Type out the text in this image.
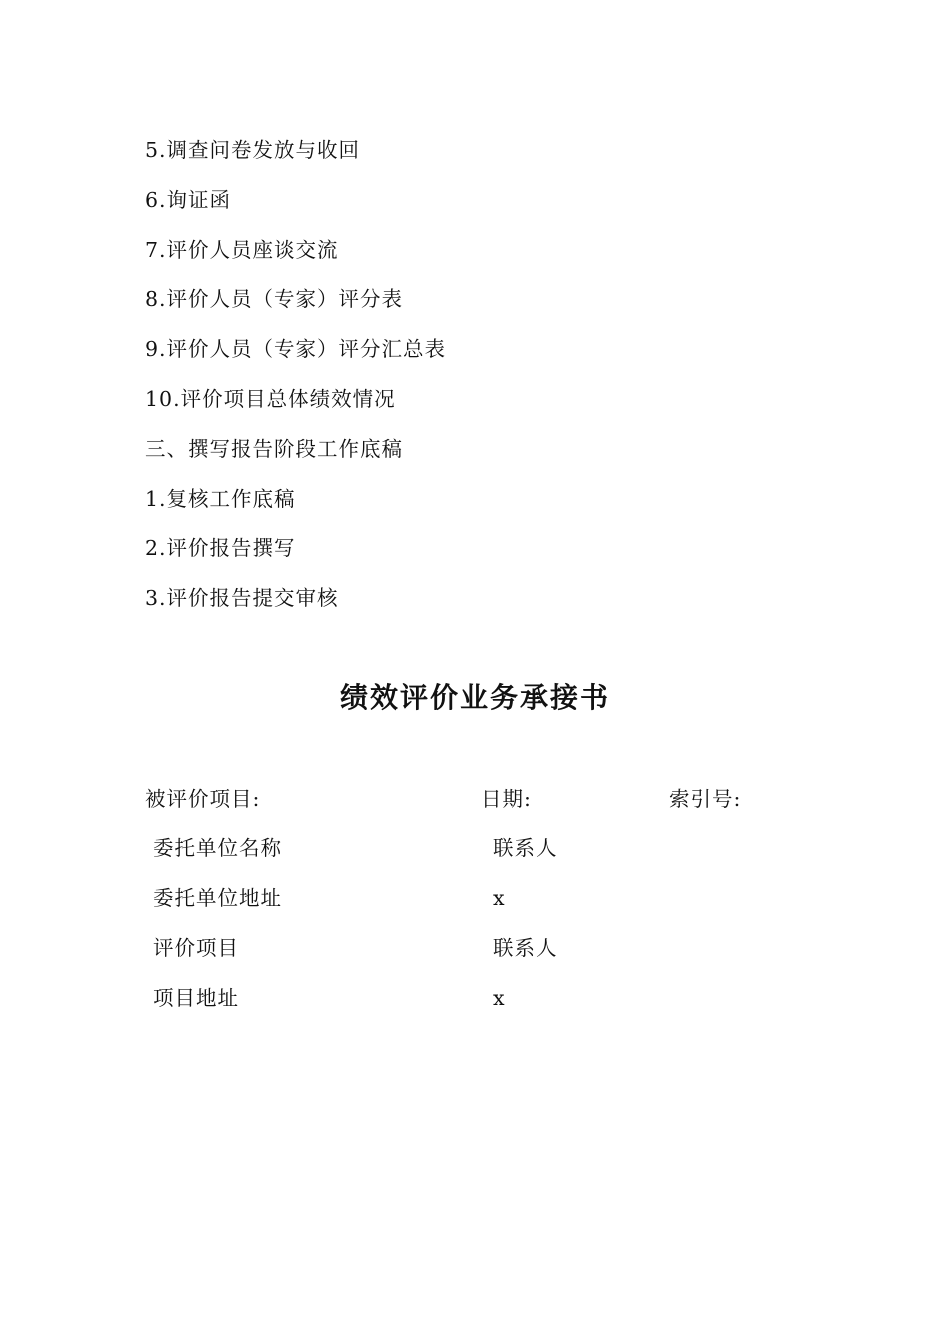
5.调查问卷发放与收回
6.询证函
7.评价人员座谈交流
8.评价人员（专家）评分表
9.评价人员（专家）评分汇总表
10.评价项目总体绩效情况
三、撰写报告阶段工作底稿
1.复核工作底稿
2.评价报告撰写
3.评价报告提交审核
绩效评价业务承接书
被评价项目:	日期:	索引号:
委托单位名称	联系人
委托单位地址	x
评价项目	联系人
项目地址	x
